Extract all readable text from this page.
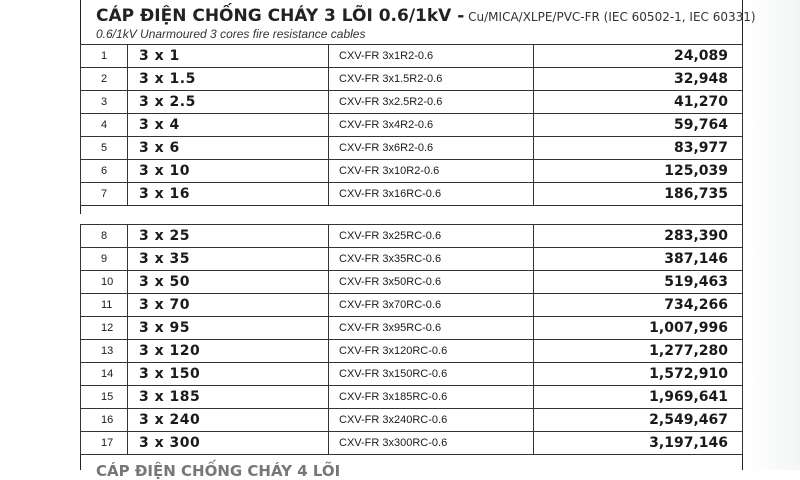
CÁP ĐIỆN CHỐNG CHÁY 3 LÕI 0.6/1kV - Cu/MICA/XLPE/PVC-FR (IEC 60502-1, IEC 60331)
0.6/1kV Unarmoured 3 cores fire resistance cables
1	3 x 1	CXV-FR 3x1R2-0.6	24,089
2	3 x 1.5	CXV-FR 3x1.5R2-0.6	32,948
3	3 x 2.5	CXV-FR 3x2.5R2-0.6	41,270
4	3 x 4	CXV-FR 3x4R2-0.6	59,764
5	3 x 6	CXV-FR 3x6R2-0.6	83,977
6	3 x 10	CXV-FR 3x10R2-0.6	125,039
7	3 x 16	CXV-FR 3x16RC-0.6	186,735
8	3 x 25	CXV-FR 3x25RC-0.6	283,390
9	3 x 35	CXV-FR 3x35RC-0.6	387,146
10	3 x 50	CXV-FR 3x50RC-0.6	519,463
11	3 x 70	CXV-FR 3x70RC-0.6	734,266
12	3 x 95	CXV-FR 3x95RC-0.6	1,007,996
13	3 x 120	CXV-FR 3x120RC-0.6	1,277,280
14	3 x 150	CXV-FR 3x150RC-0.6	1,572,910
15	3 x 185	CXV-FR 3x185RC-0.6	1,969,641
16	3 x 240	CXV-FR 3x240RC-0.6	2,549,467
17	3 x 300	CXV-FR 3x300RC-0.6	3,197,146
CÁP ĐIỆN CHỐNG CHÁY 4 LÕI
